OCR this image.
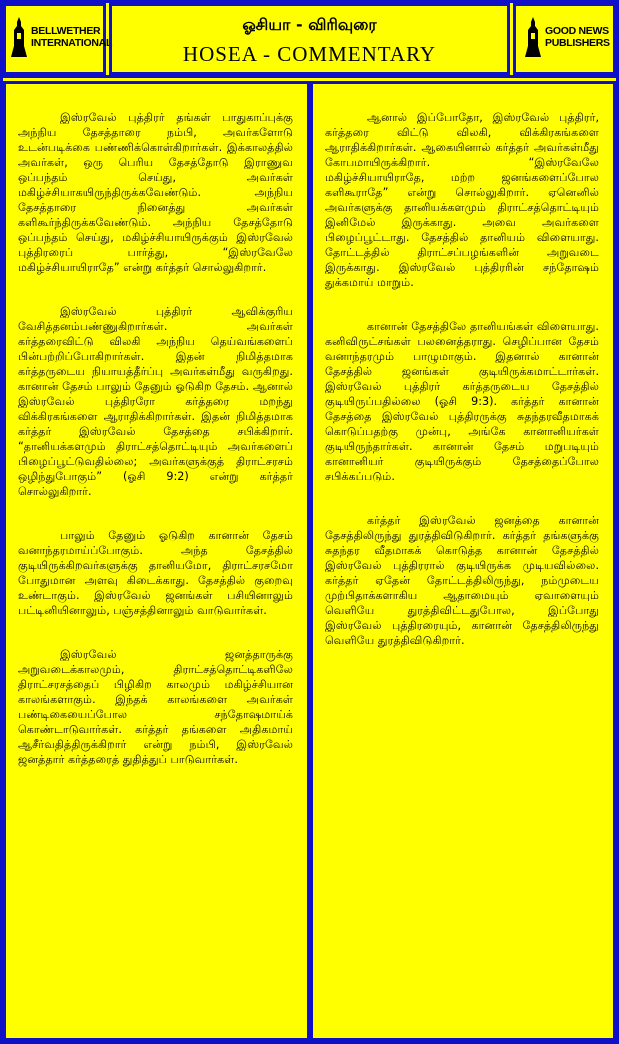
BELLWETHER
INTERNATIONAL
ஓசியா - விரிவுரை
HOSEA - COMMENTARY
GOOD NEWS
PUBLISHERS

இஸ்ரவேல் புத்திரர் தங்கள் பாதுகாப்புக்கு அந்நிய தேசத்தாரை நம்பி, அவர்களோடு உடன்படிக்கை பண்ணிக்கொள்கிறார்கள். இக்காலத்தில் அவர்கள், ஒரு பெரிய தேசத்தோடு இராணுவ ஒப்பந்தம் செய்து, அவர்கள் மகிழ்ச்சியாகயிருந்திருக்கவேண்டும். அந்நிய தேசத்தாரை நினைத்து அவர்கள் களிகூர்ந்திருக்கவேண்டும். அந்நிய தேசத்தோடு ஒப்பந்தம் செய்து, மகிழ்ச்சியாயிருக்கும் இஸ்ரவேல் புத்திரரைப் பார்த்து, “இஸ்ரவேலே மகிழ்ச்சியாயிராதே” என்று கர்த்தர் சொல்லுகிறார்.

இஸ்ரவேல் புத்திரர் ஆவிக்குரிய வேசித்தனம்பண்ணுகிறார்கள். அவர்கள் கர்த்தரைவிட்டு விலகி அந்நிய தெய்வங்களைப் பின்பற்றிப்போகிறார்கள். இதன் நிமித்தமாக கர்த்தருடைய நியாயத்தீர்ப்பு அவர்கள்மீது வருகிறது. கானான் தேசம் பாலும் தேனும் ஓடுகிற தேசம். ஆனால் இஸ்ரவேல் புத்திரரோ கர்த்தரை மறந்து விக்கிரகங்களை ஆராதிக்கிறார்கள். இதன் நிமித்தமாக கர்த்தர் இஸ்ரவேல் தேசத்தை சபிக்கிறார். “தானியக்களமும் திராட்சத்தொட்டியும் அவர்களைப் பிழைப்பூட்டுவதில்லை; அவர்களுக்குத் திராட்சரசம் ஒழிந்துபோகும்” (ஓசி 9:2) என்று கர்த்தர் சொல்லுகிறார்.

பாலும் தேனும் ஓடுகிற கானான் தேசம் வனாந்தரமாய்ப்போகும். அந்த தேசத்தில் குடியிருக்கிறவர்களுக்கு தானியமோ, திராட்சரசமோ போதுமான அளவு கிடைக்காது. தேசத்தில் குறைவு உண்டாகும். இஸ்ரவேல் ஜனங்கள் பசியினாலும் பட்டினியினாலும், பஞ்சத்தினாலும் வாடுவார்கள்.

இஸ்ரவேல் ஜனத்தாருக்கு அறுவடைக்காலமும், திராட்சத்தொட்டிகளிலே திராட்சரசத்தைப் பிழிகிற காலமும் மகிழ்ச்சியான காலங்களாகும். இந்தக் காலங்களை அவர்கள் பண்டிகையைப்போல சந்தோஷமாய்க் கொண்டாடுவார்கள். கர்த்தர் தங்களை அதிகமாய் ஆசீர்வதித்திருக்கிறார் என்று நம்பி, இஸ்ரவேல் ஜனத்தார் கர்த்தரைத் துதித்துப் பாடுவார்கள்.

ஆனால் இப்போதோ, இஸ்ரவேல் புத்திரர், கர்த்தரை விட்டு விலகி, விக்கிரகங்களை ஆராதிக்கிறார்கள். ஆகையினால் கர்த்தர் அவர்கள்மீது கோபமாயிருக்கிறார். “இஸ்ரவேலே மகிழ்ச்சியாயிராதே, மற்ற ஜனங்களைப்போல களிகூராதே” என்று சொல்லுகிறார். ஏனெனில் அவர்களுக்கு தானியக்களமும் திராட்சத்தொட்டியும் இனிமேல் இருக்காது. அவை அவர்களை பிழைப்பூட்டாது. தேசத்தில் தானியம் விளையாது. தோட்டத்தில் திராட்சப்பழங்களின் அறுவடை இருக்காது. இஸ்ரவேல் புத்திரரின் சந்தோஷம் துக்கமாய் மாறும்.

கானான் தேசத்திலே தானியங்கள் விளையாது. கனிவிருட்சங்கள் பலனைத்தராது. செழிப்பான தேசம் வனாந்தரமும் பாழுமாகும். இதனால் கானான் தேசத்தில் ஜனங்கள் குடியிருக்கமாட்டார்கள். இஸ்ரவேல் புத்திரர் கர்த்தருடைய தேசத்தில் குடியிருப்பதில்லை (ஓசி 9:3). கர்த்தர் கானான் தேசத்தை இஸ்ரவேல் புத்திரருக்கு சுதந்தரவீதமாகக் கொடுப்பதற்கு முன்பு, அங்கே கானானியர்கள் குடியிருந்தார்கள். கானான் தேசம் மறுபடியும் கானானியர் குடியிருக்கும் தேசத்தைப்போல சபிக்கப்படும்.

கர்த்தர் இஸ்ரவேல் ஜனத்தை கானான் தேசத்திலிருந்து துரத்திவிடுகிறார். கர்த்தர் தங்களுக்கு சுதந்தர வீதமாகக் கொடுத்த கானான் தேசத்தில் இஸ்ரவேல் புத்திரரால் குடியிருக்க முடியவில்லை. கர்த்தர் ஏதேன் தோட்டத்திலிருந்து, நம்முடைய முற்பிதாக்களாகிய ஆதாமையும் ஏவாளையும் வெளியே துரத்திவிட்டதுபோல, இப்போது இஸ்ரவேல் புத்திரரையும், கானான் தேசத்திலிருந்து வெளியே துரத்திவிடுகிறார்.
